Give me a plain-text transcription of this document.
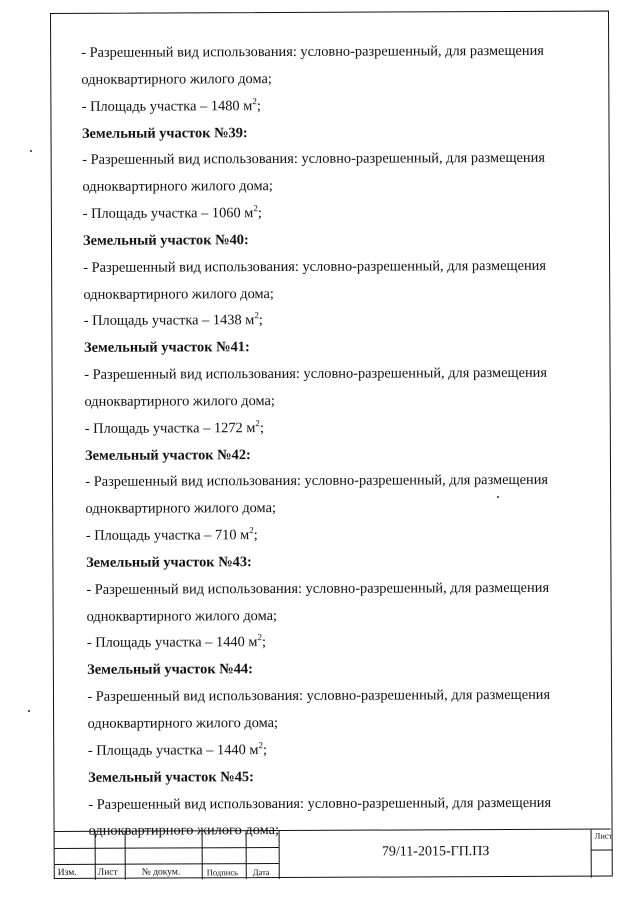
- Разрешенный вид использования: условно-разрешенный, для размещения
одноквартирного жилого дома;
- Площадь участка – 1480 $м^2$;
Земельный участок №39:
- Разрешенный вид использования: условно-разрешенный, для размещения
одноквартирного жилого дома;
- Площадь участка – 1060 $м^2$;
Земельный участок №40:
- Разрешенный вид использования: условно-разрешенный, для размещения
одноквартирного жилого дома;
- Площадь участка – 1438 $м^2$;
Земельный участок №41:
- Разрешенный вид использования: условно-разрешенный, для размещения
одноквартирного жилого дома;
- Площадь участка – 1272 $м^2$;
Земельный участок №42:
- Разрешенный вид использования: условно-разрешенный, для размещения
одноквартирного жилого дома;
- Площадь участка – 710 $м^2$;
Земельный участок №43:
- Разрешенный вид использования: условно-разрешенный, для размещения
одноквартирного жилого дома;
- Площадь участка – 1440 $м^2$;
Земельный участок №44:
- Разрешенный вид использования: условно-разрешенный, для размещения
одноквартирного жилого дома;
- Площадь участка – 1440 $м^2$;
Земельный участок №45:
- Разрешенный вид использования: условно-разрешенный, для размещения
одноквартирного жилого дома;
Изм. Лист	№ докум.	Подпись Дата
79/11-2015-ГП.ПЗ
Лист
